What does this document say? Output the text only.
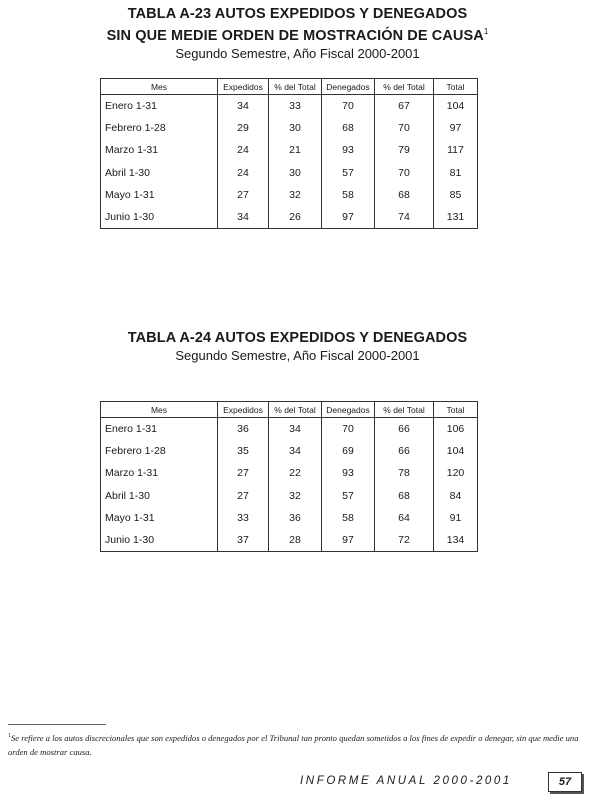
TABLA A-23 AUTOS EXPEDIDOS Y DENEGADOS
SIN QUE MEDIE ORDEN DE MOSTRACIÓN DE CAUSA$^1$
Segundo Semestre, Año Fiscal 2000-2001
Mes	Expedidos	% del Total	Denegados	% del Total	Total
Enero 1-31	34	33	70	67	104
Febrero 1-28	29	30	68	70	97
Marzo 1-31	24	21	93	79	117
Abril 1-30	24	30	57	70	81
Mayo 1-31	27	32	58	68	85
Junio 1-30	34	26	97	74	131
TABLA A-24 AUTOS EXPEDIDOS Y DENEGADOS
Segundo Semestre, Año Fiscal 2000-2001
Mes	Expedidos	% del Total	Denegados	% del Total	Total
Enero 1-31	36	34	70	66	106
Febrero 1-28	35	34	69	66	104
Marzo 1-31	27	22	93	78	120
Abril 1-30	27	32	57	68	84
Mayo 1-31	33	36	58	64	91
Junio 1-30	37	28	97	72	134
$^1$Se refiere a los autos discrecionales que son expedidos o denegados por el Tribunal tan pronto quedan sometidos a los fines de expedir o denegar, sin que medie una orden de mostrar causa.
INFORME ANUAL 2000-2001	57
